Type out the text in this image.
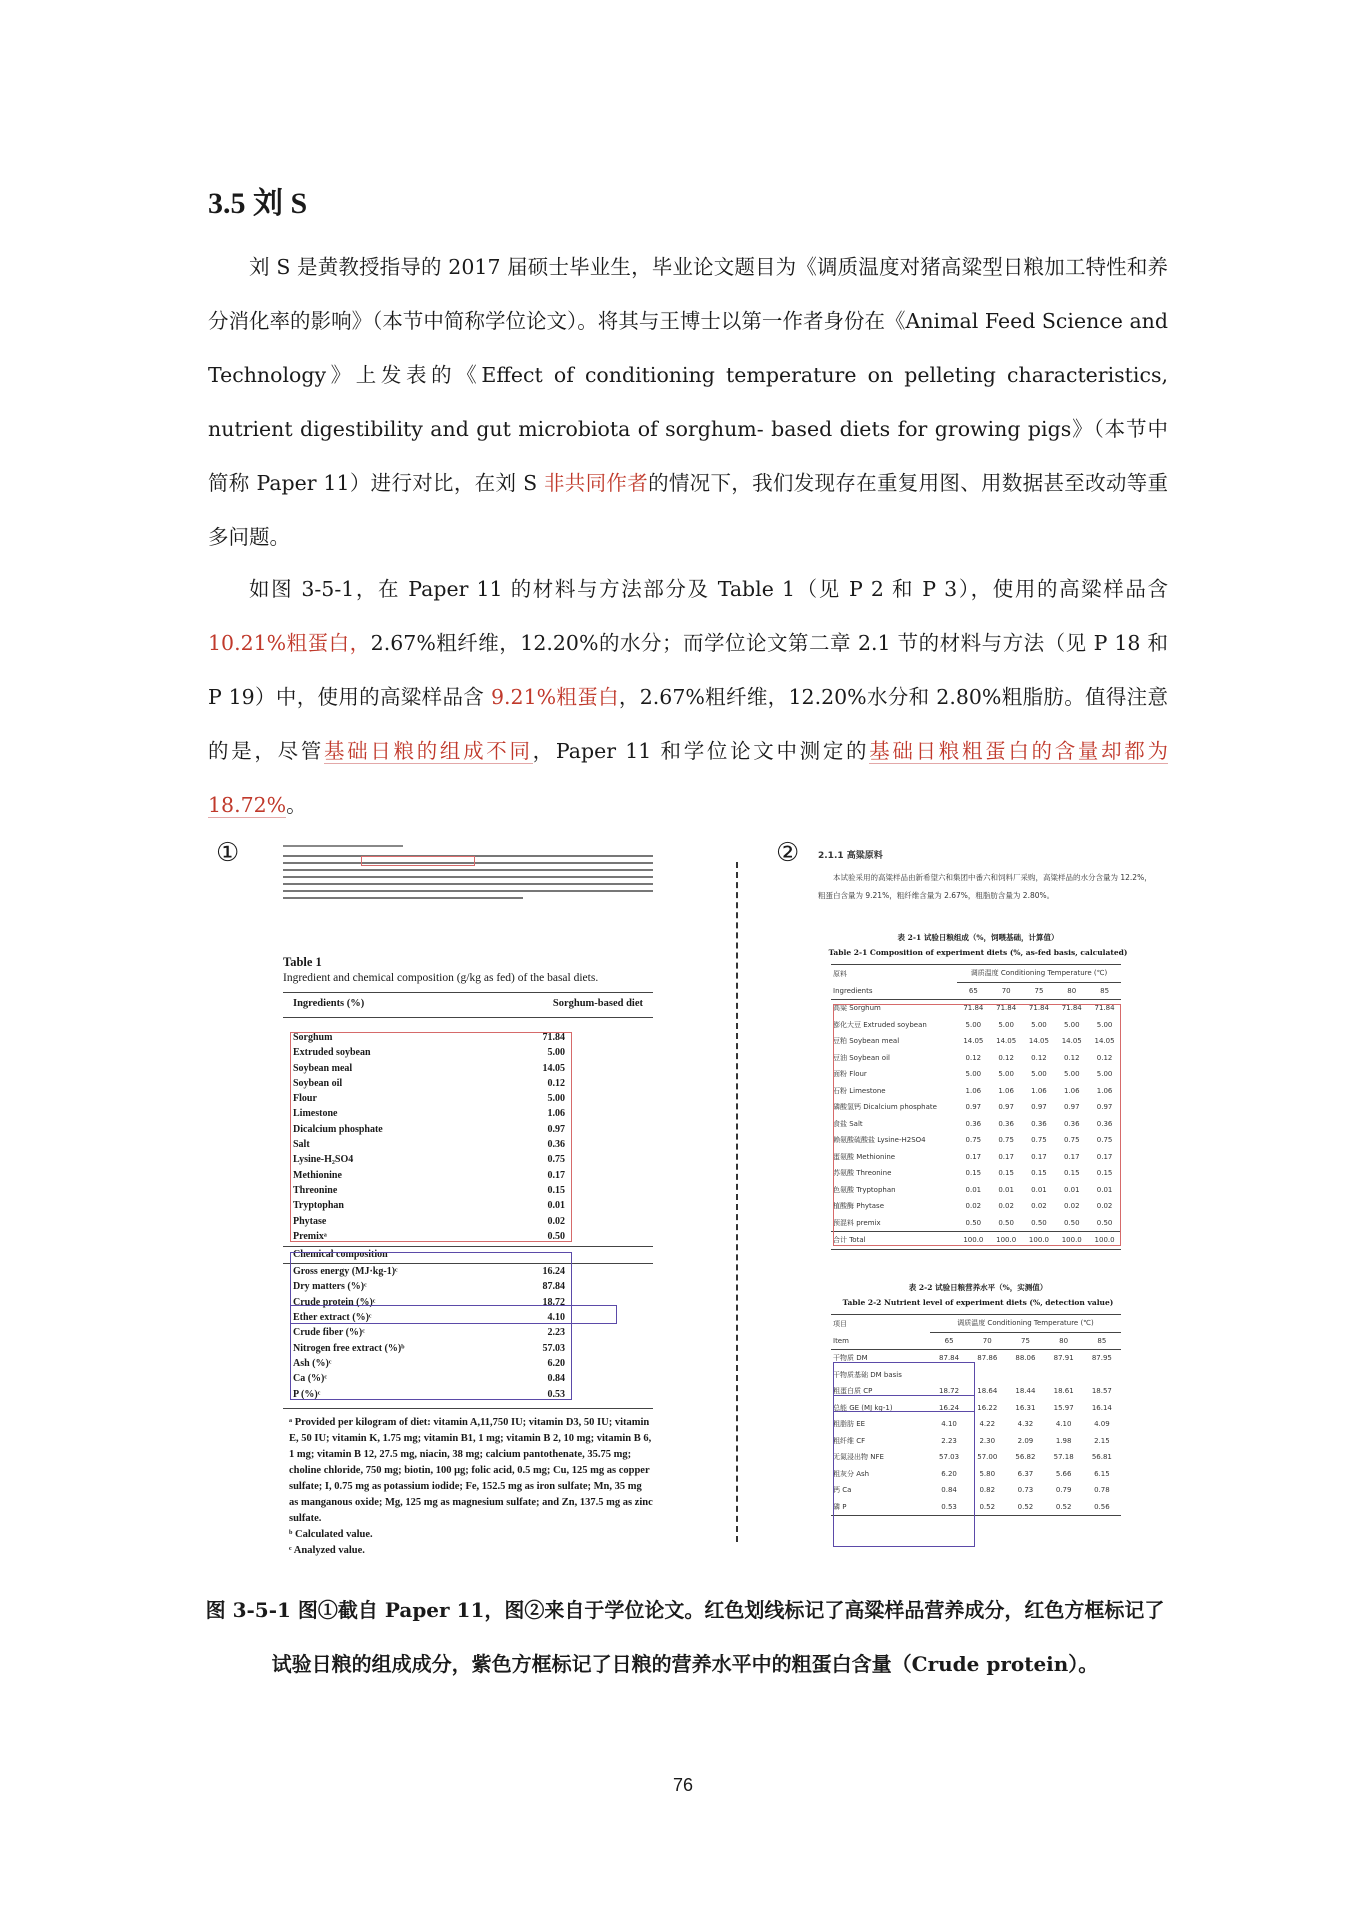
3.5 刘 S

刘 S 是黄教授指导的 2017 届硕士毕业生，毕业论文题目为《调质温度对猪高粱型日粮加工特性和养分消化率的影响》（本节中简称学位论文）。将其与王博士以第一作者身份在《Animal Feed Science and Technology》上发表的《Effect of conditioning temperature on pelleting characteristics, nutrient digestibility and gut microbiota of sorghum- based diets for growing pigs》（本节中简称 Paper 11）进行对比，在刘 S 非共同作者的情况下，我们发现存在重复用图、用数据甚至改动等重多问题。

如图 3-5-1，在 Paper 11 的材料与方法部分及 Table 1（见 P 2 和 P 3），使用的高粱样品含 10.21%粗蛋白，2.67%粗纤维，12.20%的水分；而学位论文第二章 2.1 节的材料与方法（见 P 18 和 P 19）中，使用的高粱样品含 9.21%粗蛋白，2.67%粗纤维，12.20%水分和 2.80%粗脂肪。值得注意的是，尽管基础日粮的组成不同，Paper 11 和学位论文中测定的基础日粮粗蛋白的含量却都为 18.72%。

①
Table 1
Ingredient and chemical composition (g/kg as fed) of the basal diets.
Ingredients (%)	Sorghum-based diet
Sorghum	71.84
Extruded soybean	5.00
Soybean meal	14.05
Soybean oil	0.12
Flour	5.00
Limestone	1.06
Dicalcium phosphate	0.97
Salt	0.36
Lysine-H₂SO4	0.75
Methionine	0.17
Threonine	0.15
Tryptophan	0.01
Phytase	0.02
Premixᵃ	0.50
Chemical composition
Gross energy (MJ·kg-1)ᶜ	16.24
Dry matters (%)ᶜ	87.84
Crude protein (%)ᶜ	18.72
Ether extract (%)ᶜ	4.10
Crude fiber (%)ᶜ	2.23
Nitrogen free extract (%)ᵇ	57.03
Ash (%)ᶜ	6.20
Ca (%)ᶜ	0.84
P (%)ᶜ	0.53
ᵃ Provided per kilogram of diet: vitamin A,11,750 IU; vitamin D3, 50 IU; vitamin E, 50 IU; vitamin K, 1.75 mg; vitamin B1, 1 mg; vitamin B 2, 10 mg; vitamin B 6, 1 mg; vitamin B 12, 27.5 mg, niacin, 38 mg; calcium pantothenate, 35.75 mg; choline chloride, 750 mg; biotin, 100 μg; folic acid, 0.5 mg; Cu, 125 mg as copper sulfate; I, 0.75 mg as potassium iodide; Fe, 152.5 mg as iron sulfate; Mn, 35 mg as manganous oxide; Mg, 125 mg as magnesium sulfate; and Zn, 137.5 mg as zinc sulfate.
ᵇ Calculated value.
ᶜ Analyzed value.
② 2.1.1 高粱原料
本试验采用的高粱样品由新希望六和集团中番六和饲料厂采购，高粱样品的水分含量为 12.2%，粗蛋白含量为 9.21%，粗纤维含量为 2.67%，粗脂肪含量为 2.80%。
表 2-1 试验日粮组成（%，饲喂基础，计算值）
Table 2-1 Composition of experiment diets (%, as-fed basis, calculated)
原料	调质温度 Conditioning Temperature (℃)				
Ingredients	65	70	75	80	85
高粱 Sorghum	71.84	71.84	71.84	71.84	71.84
膨化大豆 Extruded soybean	5.00	5.00	5.00	5.00	5.00
豆粕 Soybean meal	14.05	14.05	14.05	14.05	14.05
豆油 Soybean oil	0.12	0.12	0.12	0.12	0.12
面粉 Flour	5.00	5.00	5.00	5.00	5.00
石粉 Limestone	1.06	1.06	1.06	1.06	1.06
磷酸氢钙 Dicalcium phosphate	0.97	0.97	0.97	0.97	0.97
食盐 Salt	0.36	0.36	0.36	0.36	0.36
赖氨酸硫酸盐 Lysine-H2SO4	0.75	0.75	0.75	0.75	0.75
蛋氨酸 Methionine	0.17	0.17	0.17	0.17	0.17
苏氨酸 Threonine	0.15	0.15	0.15	0.15	0.15
色氨酸 Tryptophan	0.01	0.01	0.01	0.01	0.01
植酸酶 Phytase	0.02	0.02	0.02	0.02	0.02
预混料 premix	0.50	0.50	0.50	0.50	0.50
合计 Total	100.0	100.0	100.0	100.0	100.0
表 2-2 试验日粮营养水平（%，实测值）
Table 2-2 Nutrient level of experiment diets (%, detection value)
项目	调质温度 Conditioning Temperature (℃)				
Item	65	70	75	80	85
干物质 DM	87.84	87.86	88.06	87.91	87.95
干物质基础 DM basis					
粗蛋白质 CP	18.72	18.64	18.44	18.61	18.57
总能 GE (MJ kg-1)	16.24	16.22	16.31	15.97	16.14
粗脂肪 EE	4.10	4.22	4.32	4.10	4.09
粗纤维 CF	2.23	2.30	2.09	1.98	2.15
无氮浸出物 NFE	57.03	57.00	56.82	57.18	56.81
粗灰分 Ash	6.20	5.80	6.37	5.66	6.15
钙 Ca	0.84	0.82	0.73	0.79	0.78
磷 P	0.53	0.52	0.52	0.52	0.56
图 3-5-1 图①截自 Paper 11，图②来自于学位论文。红色划线标记了高粱样品营养成分，红色方框标记了试验日粮的组成成分，紫色方框标记了日粮的营养水平中的粗蛋白含量（Crude protein）。
76
